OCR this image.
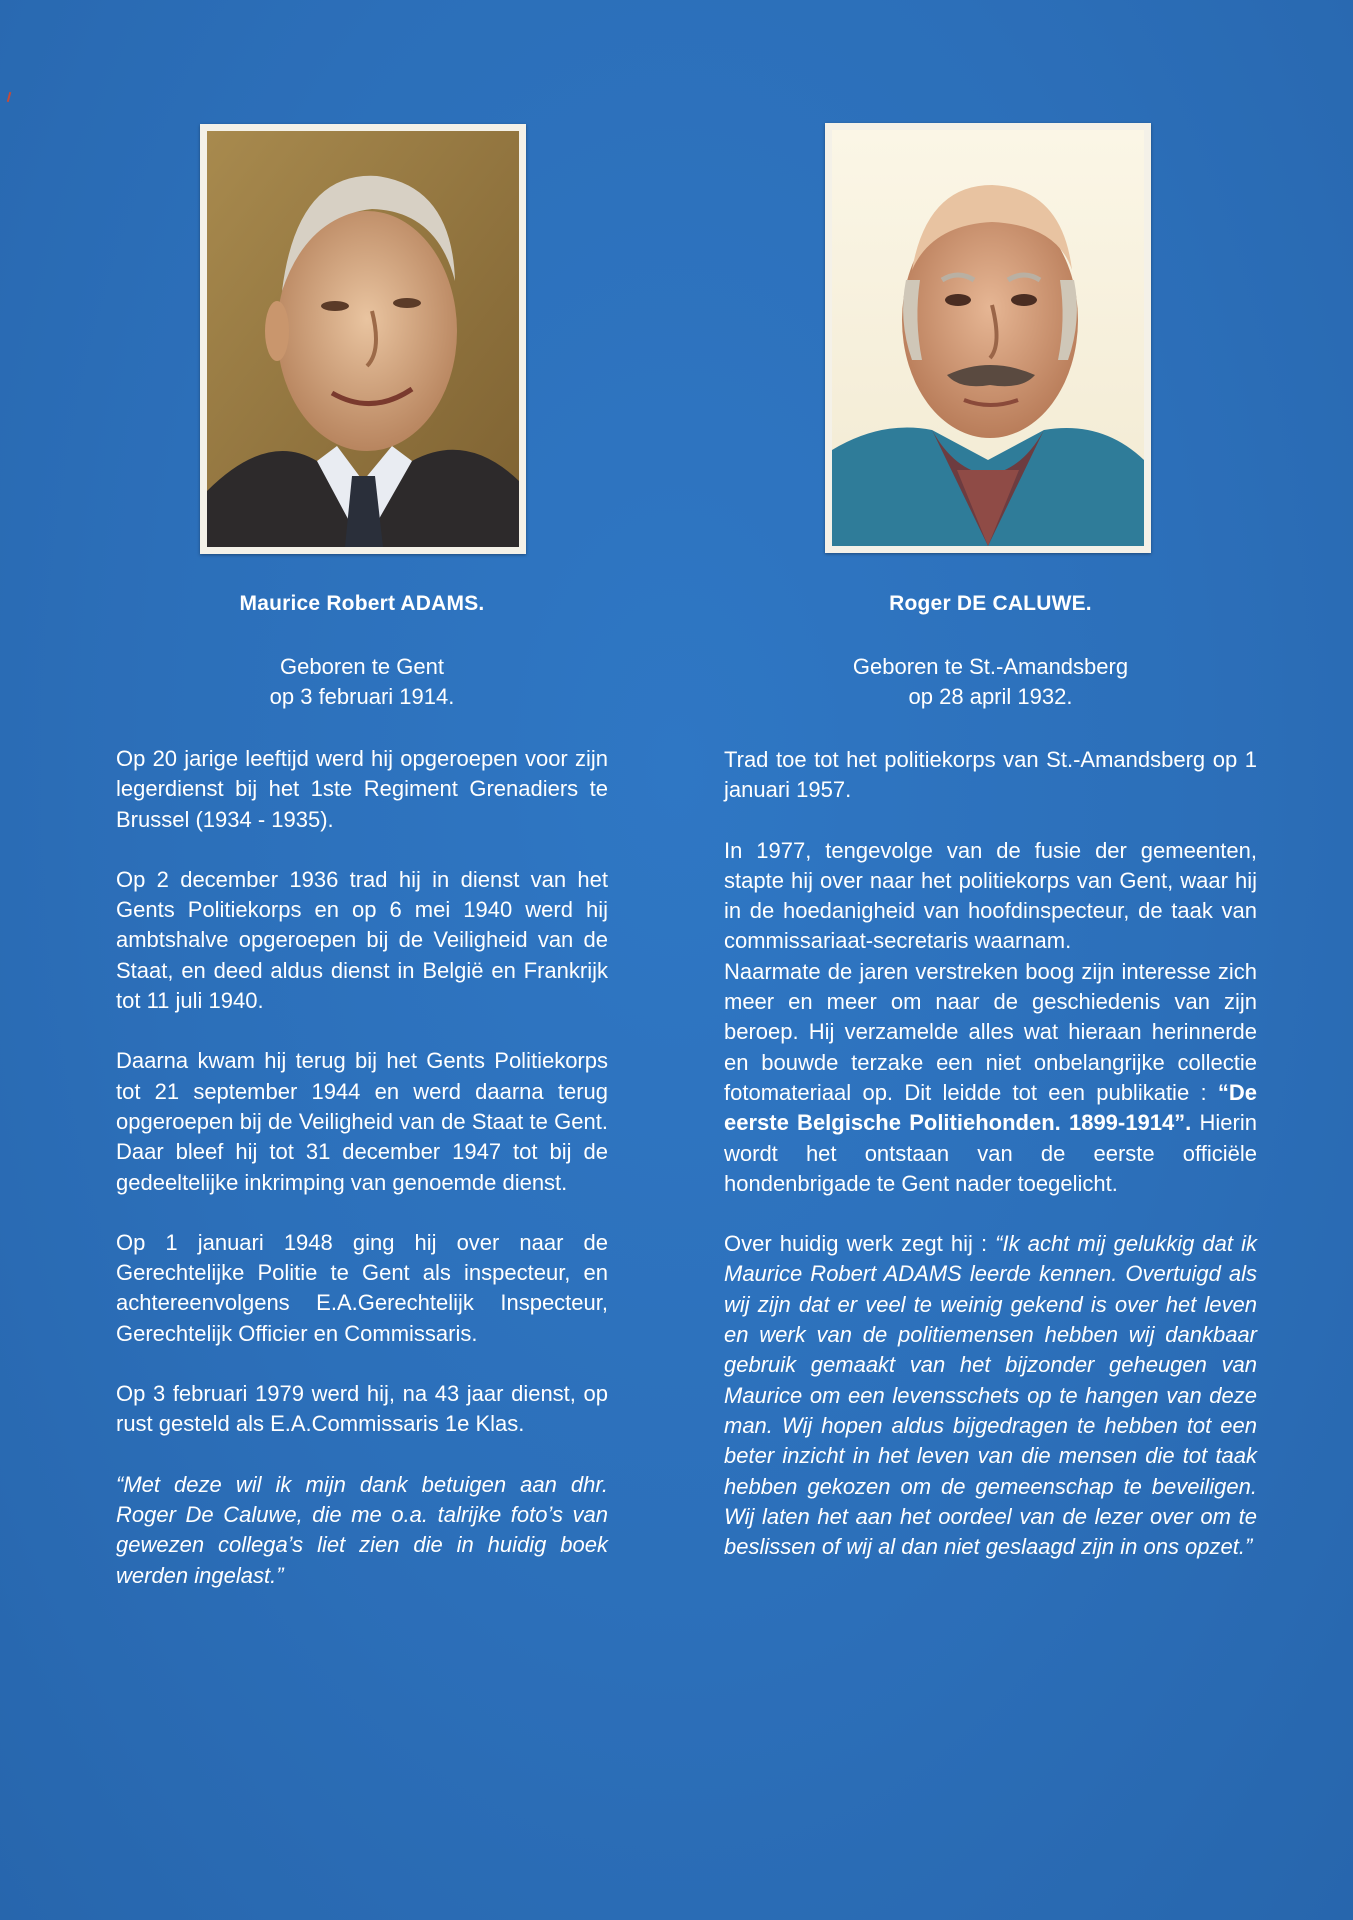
Maurice Robert ADAMS.
Geboren te Gent
op 3 februari 1914.

Op 20 jarige leeftijd werd hij opgeroepen voor zijn legerdienst bij het 1ste Regiment Grenadiers te Brussel (1934 - 1935).

Op 2 december 1936 trad hij in dienst van het Gents Politiekorps en op 6 mei 1940 werd hij ambtshalve opgeroepen bij de Veiligheid van de Staat, en deed aldus dienst in België en Frankrijk tot 11 juli 1940.

Daarna kwam hij terug bij het Gents Politiekorps tot 21 september 1944 en werd daarna terug opgeroepen bij de Veiligheid van de Staat te Gent. Daar bleef hij tot 31 december 1947 tot bij de gedeeltelijke inkrimping van genoemde dienst.

Op 1 januari 1948 ging hij over naar de Gerechtelijke Politie te Gent als inspecteur, en achtereenvolgens E.A.Gerechtelijk Inspecteur, Gerechtelijk Officier en Commissaris.

Op 3 februari 1979 werd hij, na 43 jaar dienst, op rust gesteld als E.A.Commissaris 1e Klas.

“Met deze wil ik mijn dank betuigen aan dhr. Roger De Caluwe, die me o.a. talrijke foto’s van gewezen collega’s liet zien die in huidig boek werden ingelast.”

Roger DE CALUWE.
Geboren te St.-Amandsberg
op 28 april 1932.

Trad toe tot het politiekorps van St.-Amandsberg op 1 januari 1957.

In 1977, tengevolge van de fusie der gemeenten, stapte hij over naar het politiekorps van Gent, waar hij in de hoedanigheid van hoofdinspecteur, de taak van commissariaat-secretaris waarnam.

Naarmate de jaren verstreken boog zijn interesse zich meer en meer om naar de geschiedenis van zijn beroep. Hij verzamelde alles wat hieraan herinnerde en bouwde terzake een niet onbelangrijke collectie fotomateriaal op. Dit leidde tot een publikatie : “De eerste Belgische Politiehonden. 1899-1914”. Hierin wordt het ontstaan van de eerste officiële hondenbrigade te Gent nader toegelicht.

Over huidig werk zegt hij : “Ik acht mij gelukkig dat ik Maurice Robert ADAMS leerde kennen. Overtuigd als wij zijn dat er veel te weinig gekend is over het leven en werk van de politiemensen hebben wij dankbaar gebruik gemaakt van het bijzonder geheugen van Maurice om een levensschets op te hangen van deze man. Wij hopen aldus bijgedragen te hebben tot een beter inzicht in het leven van die mensen die tot taak hebben gekozen om de gemeenschap te beveiligen. Wij laten het aan het oordeel van de lezer over om te beslissen of wij al dan niet geslaagd zijn in ons opzet.”
